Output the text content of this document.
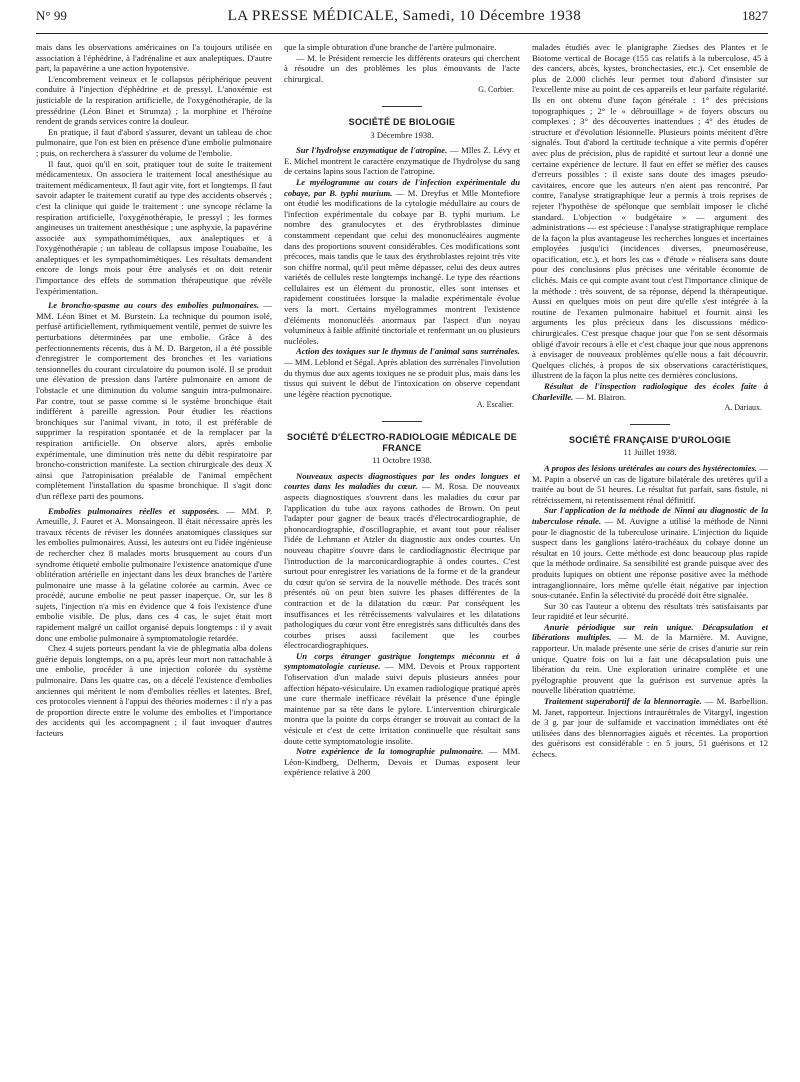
N° 99	LA PRESSE MÉDICALE, Samedi, 10 Décembre 1938	1827

mais dans les observations américaines on l'a toujours utilisée en association à l'éphédrine, à l'adrénaline et aux analeptiques. D'autre part, la papavérine a une action hypotensive.

L'encombrement veineux et le collapsus périphérique peuvent conduire à l'injection d'éphédrine et de pressyl. L'anoxémie est justiciable de la respiration artificielle, de l'oxygénothérapie, de la pressédrine (Léon Binet et Strumza) ; la morphine et l'héroïne rendent de grands services contre la douleur.

En pratique, il faut d'abord s'assurer, devant un tableau de choc pulmonaire, que l'on est bien en présence d'une embolie pulmonaire ; puis, on recherchera à s'assurer du volume de l'embolie.

Il faut, quoi qu'il en soit, pratiquer tout de suite le traitement médicamenteux. On associera le traitement local anesthésique au traitement médicamenteux. Il faut agir vite, fort et longtemps. Il faut savoir adapter le traitement curatif au type des accidents observés ; c'est la clinique qui guide le traitement : une syncope réclame la respiration artificielle, l'oxygénothérapie, le pressyl ; les formes angineuses un traitement anesthésique ; une asphyxie, la papavérine associée aux sympathomimétiques, aux analeptiques et à l'oxygénothérapie ; un tableau de collapsus impose l'ouabaïne, les analeptiques et les sympathomimétiques. Les résultats demandent encore de longs mois pour être analysés et on doit retenir l'importance des effets de sommation thérapeutique que révèle l'expérimentation.

Le broncho-spasme au cours des embolies pulmonaires. — MM. Léon Binet et M. Burstein. La technique du poumon isolé, perfusé artificiellement, rythmiquement ventilé, permet de suivre les perturbations déterminées par une embolie. Grâce à des perfectionnements récents, dus à M. D. Bargeton, il a été possible d'enregistrer le comportement des bronches et les variations tensionnelles du courant circulatoire du poumon isolé. Il se produit une élévation de pression dans l'artère pulmonaire en amont de l'obstacle et une diminution du volume sanguin intra-pulmonaire. Par contre, tout se passe comme si le système bronchique était indifférent à pareille agression. Pour étudier les réactions bronchiques sur l'animal vivant, in toto, il est préférable de supprimer la respiration spontanée et de la remplacer par la respiration artificielle. On observe alors, après embolie expérimentale, une diminution très nette du débit respiratoire par broncho-constriction manifeste. La section chirurgicale des deux X ainsi que l'atropinisation préalable de l'animal empêchent complètement l'installation du spasme bronchique. Il s'agit donc d'un réflexe parti des poumons.

Embolies pulmonaires réelles et supposées. — MM. P. Ameuille, J. Fauret et A. Monsaingeon. Il était nécessaire après les travaux récents de réviser les données anatomiques classiques sur les embolies pulmonaires. Aussi, les auteurs ont eu l'idée ingénieuse de rechercher chez 8 malades morts brusquement au cours d'un syndrome étiqueté embolie pulmonaire l'existence anatomique d'une oblitération artérielle en injectant dans les deux branches de l'artère pulmonaire une masse à la gélatine colorée au carmin. Avec ce procédé, aucune embolie ne peut passer inaperçue. Or, sur les 8 sujets, l'injection n'a mis en évidence que 4 fois l'existence d'une embolie visible. De plus, dans ces 4 cas, le sujet était mort rapidement malgré un caillot organisé depuis longtemps : il y avait donc une embolie pulmonaire à symptomatologie retardée.

Chez 4 sujets porteurs pendant la vie de phlegmatia alba dolens guérie depuis longtemps, on a pu, après leur mort non rattachable à une embolie, procéder à une injection colorée du système pulmonaire. Dans les quatre cas, on a décelé l'existence d'embolies anciennes qui méritent le nom d'embolies réelles et latentes. Bref, ces protocoles viennent à l'appui des théories modernes : il n'y a pas de proportion directe entre le volume des embolies et l'importance des accidents qui les accompagnent ; il faut invoquer d'autres facteurs

que la simple obturation d'une branche de l'artère pulmonaire.

— M. le Président remercie les différents orateurs qui cherchent à résoudre un des problèmes les plus émouvants de l'acte chirurgical.

G. Corbier.
SOCIÉTÉ DE BIOLOGIE
3 Décembre 1938.

Sur l'hydrolyse enzymatique de l'atropine. — Mlles Z. Lévy et E. Michel montrent le caractère enzymatique de l'hydrolyse du sang de certains lapins sous l'action de l'atropine.

Le myélogramme au cours de l'infection expérimentale du cobaye, par B. typhi murium. — M. Dreyfus et Mlle Montefiore ont étudié les modifications de la cytologie médullaire au cours de l'infection expérimentale du cobaye par B. typhi murium. Le nombre des granulocytes et des érythroblastes diminue constamment cependant que celui des mononucléaires augmente dans des proportions souvent considérables. Ces modifications sont précoces, mais tandis que le taux des érythroblastes rejoint très vite son chiffre normal, qu'il peut même dépasser, celui des deux autres variétés de cellules reste longtemps inchangé. Le type des réactions cellulaires est un élément du pronostic, elles sont intenses et rapidement constituées lorsque la maladie expérimentale évolue vers la mort. Certains myélogrammes montrent l'existence d'éléments mononucléés anormaux par l'aspect d'un noyau volumineux à faible affinité tinctoriale et renfermant un ou plusieurs nucléoles.

Action des toxiques sur le thymus de l'animal sans surrénales. — MM. Leblond et Ségal. Après ablation des surrénales l'involution du thymus due aux agents toxiques ne se produit plus, mais dans les tissus qui suivent le début de l'intoxication on observe cependant une légère réaction pycnotique.

A. Escalier.
SOCIÉTÉ D'ÉLECTRO-RADIOLOGIE MÉDICALE DE FRANCE
11 Octobre 1938.

Nouveaux aspects diagnostiques par les ondes longues et courtes dans les maladies du cœur. — M. Rosa. De nouveaux aspects diagnostiques s'ouvrent dans les maladies du cœur par l'application du tube aux rayons cathodes de Brown. On peut l'adapter pour gagner de beaux tracés d'électrocardiographie, de phonocardiographie, d'oscillographie, et avant tout pour réaliser l'idée de Lehmann et Atzler du diagnostic aux ondes courtes. Un nouveau chapitre s'ouvre dans le cardiodiagnostic électrique par l'introduction de la marconicardiographie à ondes courtes. C'est surtout pour enregistrer les variations de la forme et de la grandeur du cœur qu'on se servira de la nouvelle méthode. Des tracés sont présentés où on peut bien suivre les phases différentes de la contraction et de la dilatation du cœur. Par conséquent les insuffisances et les rétrécissements valvulaires et les dilatations pathologiques du cœur vont être enregistrés sans difficultés dans des courbes prises aussi facilement que les courbes électrocardiographiques.

Un corps étranger gastrique longtemps méconnu et à symptomatologie curieuse. — MM. Devois et Proux rapportent l'observation d'un malade suivi depuis plusieurs années pour affection hépato-vésiculaire. Un examen radiologique pratiqué après une cure thermale inefficace révélait la présence d'une épingle maintenue par sa tête dans le pylore. L'intervention chirurgicale montra que la pointe du corps étranger se trouvait au contact de la vésicule et c'est de cette irritation continuelle que résultait sans doute cette symptomatologie insolite.

Notre expérience de la tomographie pulmonaire. — MM. Léon-Kindberg, Delherm, Devois et Dumas exposent leur expérience relative à 200

malades étudiés avec le planigraphe Ziedses des Plantes et le Biotome vertical de Bocage (155 cas relatifs à la tuberculose, 45 à des cancers, abcès, kystes, bronchectasies, etc.). Cet ensemble de plus de 2.000 clichés leur permet tout d'abord d'insister sur l'excellente mise au point de ces appareils et leur parfaite régularité. Ils en ont obtenu d'une façon générale : 1° des précisions topographiques ; 2° le « débrouillage » de foyers obscurs ou complexes ; 3° des découvertes inattendues ; 4° des études de structure et d'évolution lésionnelle. Plusieurs points méritent d'être signalés. Tout d'abord la certitude technique a vite permis d'opérer avec plus de précision, plus de rapidité et surtout leur a donné une certaine expérience de lecture. Il faut en effet se méfier des causes d'erreurs possibles : il existe sans doute des images pseudo-cavitaires, encore que les auteurs n'en aient pas rencontré. Par contre, l'analyse stratigraphique leur a permis à trois reprises de rejeter l'hypothèse de spélonque que semblait imposer le cliché standard. L'objection « budgétaire » — argument des administrations — est spécieuse : l'analyse stratigraphique remplace de la façon la plus avantageuse les recherches longues et incertaines employées jusqu'ici (incidences diverses, pneumoséreuse, opacification, etc.), et hors les cas « d'étude » réalisera sans doute pour des conclusions plus précises une véritable économie de clichés. Mais ce qui compte avant tout c'est l'importance clinique de la méthode : très souvent, de sa réponse, dépend la thérapeutique. Aussi en quelques mois on peut dire qu'elle s'est intégrée à la routine de l'examen pulmonaire habituel et fournit ainsi les arguments les plus précieux dans les discussions médico-chirurgicales. C'est presque chaque jour que l'on se sent désormais obligé d'avoir recours à elle et c'est chaque jour que nous apprenons à envisager de nouveaux problèmes qu'elle nous a fait découvrir. Quelques clichés, à propos de six observations caractéristiques, illustrent de la façon la plus nette ces dernières conclusions.

Résultat de l'inspection radiologique des écoles faite à Charleville. — M. Blairon.

A. Dariaux.
SOCIÉTÉ FRANÇAISE D'UROLOGIE
11 Juillet 1938.

A propos des lésions urétérales au cours des hystérectomies. — M. Papin a observé un cas de ligature bilatérale des uretères qu'il a traitée au bout de 51 heures. Le résultat fut parfait, sans fistule, ni rétrécissement, ni retentissement rénal définitif.

Sur l'application de la méthode de Ninni au diagnostic de la tuberculose rénale. — M. Auvigne a utilisé la méthode de Ninni pour le diagnostic de la tuberculose urinaire. L'injection du liquide suspect dans les ganglions latéro-trachéaux du cobaye donne un résultat en 10 jours. Cette méthode est donc beaucoup plus rapide que la méthode ordinaire. Sa sensibilité est grande puisque avec des produits lupiques on obtient une réponse positive avec la méthode intraganglionnaire, lors même qu'elle était négative par injection sous-cutanée. Enfin la sélectivité du procédé doit être signalée.

Sur 30 cas l'auteur a obtenu des résultats très satisfaisants par leur rapidité et leur sécurité.

Anurie périodique sur rein unique. Décapsulation et libérations multiples. — M. de la Marnière. M. Auvigne, rapporteur. Un malade présente une série de crises d'anurie sur rein unique. Quatre fois on lui a fait une décapsulation puis une libération du rein. Une exploration urinaire complète et une pyélographie prouvent que la guérison est survenue après la nouvelle libération quatrième.

Traitement superabortif de la blennorragie. — M. Barbellion. M. Janet, rapporteur. Injections intraurétrales de Vitargyl, ingestion de 3 g. par jour de sulfamide et vaccination immédiates ont été utilisées dans des blennorragies aiguës et récentes. La proportion des guérisons est considérable : en 5 jours, 51 guérisons et 12 échecs.
